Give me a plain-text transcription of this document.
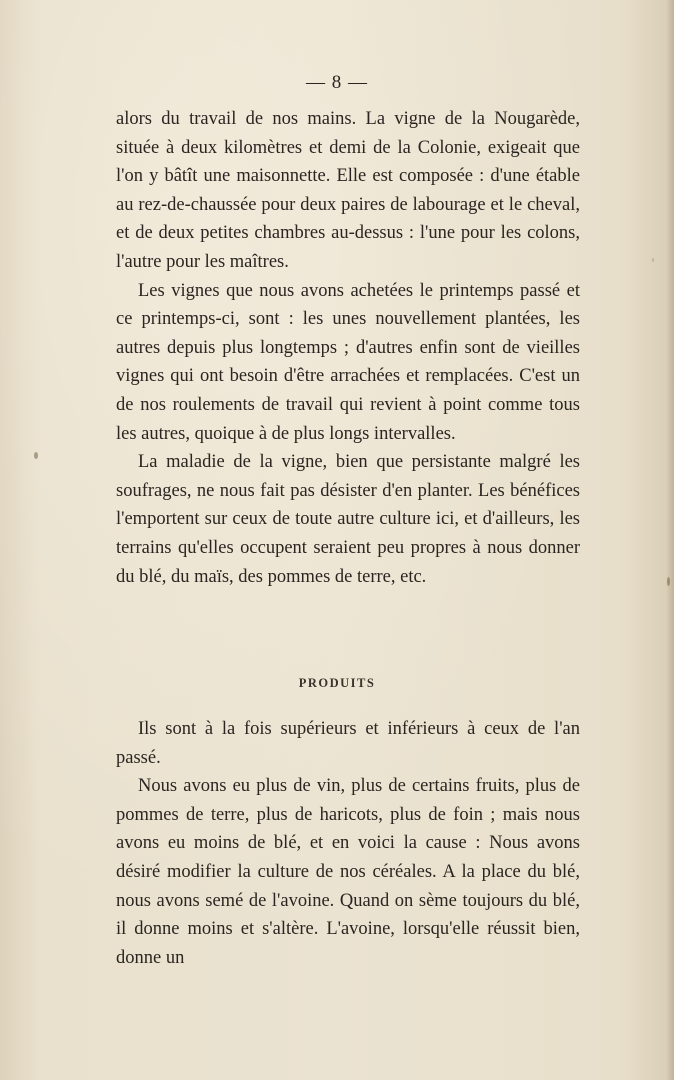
— 8 —

alors du travail de nos mains. La vigne de la Nougarède, située à deux kilomètres et demi de la Colonie, exigeait que l'on y bâtît une maisonnette. Elle est composée : d'une étable au rez-de-chaussée pour deux paires de labourage et le cheval, et de deux petites chambres au-dessus : l'une pour les colons, l'autre pour les maîtres.

Les vignes que nous avons achetées le printemps passé et ce printemps-ci, sont : les unes nouvellement plantées, les autres depuis plus longtemps ; d'autres enfin sont de vieilles vignes qui ont besoin d'être arrachées et remplacées. C'est un de nos roulements de travail qui revient à point comme tous les autres, quoique à de plus longs intervalles.

La maladie de la vigne, bien que persistante malgré les soufrages, ne nous fait pas désister d'en planter. Les bénéfices l'emportent sur ceux de toute autre culture ici, et d'ailleurs, les terrains qu'elles occupent seraient peu propres à nous donner du blé, du maïs, des pommes de terre, etc.

PRODUITS

Ils sont à la fois supérieurs et inférieurs à ceux de l'an passé.

Nous avons eu plus de vin, plus de certains fruits, plus de pommes de terre, plus de haricots, plus de foin ; mais nous avons eu moins de blé, et en voici la cause : Nous avons désiré modifier la culture de nos céréales. A la place du blé, nous avons semé de l'avoine. Quand on sème toujours du blé, il donne moins et s'altère. L'avoine, lorsqu'elle réussit bien, donne un
